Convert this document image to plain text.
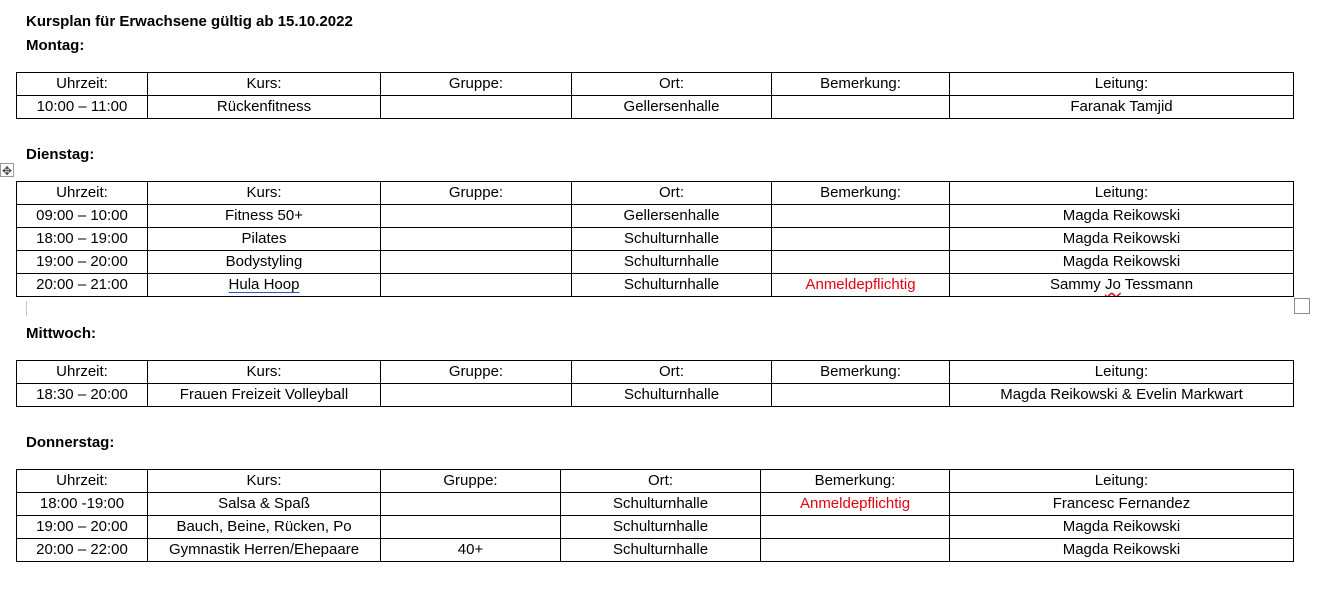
Kursplan für Erwachsene gültig ab 15.10.2022
Montag:
Uhrzeit:	Kurs:	Gruppe:	Ort:	Bemerkung:	Leitung:
10:00 – 11:00	Rückenfitness		Gellersenhalle		Faranak Tamjid
Dienstag:
✥
Uhrzeit:	Kurs:	Gruppe:	Ort:	Bemerkung:	Leitung:
09:00 – 10:00	Fitness 50+		Gellersenhalle		Magda Reikowski
18:00 – 19:00	Pilates		Schulturnhalle		Magda Reikowski
19:00 – 20:00	Bodystyling		Schulturnhalle		Magda Reikowski
20:00 – 21:00	Hula Hoop		Schulturnhalle	Anmeldepflichtig	Sammy Jo Tessmann
Mittwoch:
Uhrzeit:	Kurs:	Gruppe:	Ort:	Bemerkung:	Leitung:
18:30 – 20:00	Frauen Freizeit Volleyball		Schulturnhalle		Magda Reikowski & Evelin Markwart
Donnerstag:
Uhrzeit:	Kurs:	Gruppe:	Ort:	Bemerkung:	Leitung:
18:00 -19:00	Salsa & Spaß		Schulturnhalle	Anmeldepflichtig	Francesc Fernandez
19:00 – 20:00	Bauch, Beine, Rücken, Po		Schulturnhalle		Magda Reikowski
20:00 – 22:00	Gymnastik Herren/Ehepaare	40+	Schulturnhalle		Magda Reikowski
